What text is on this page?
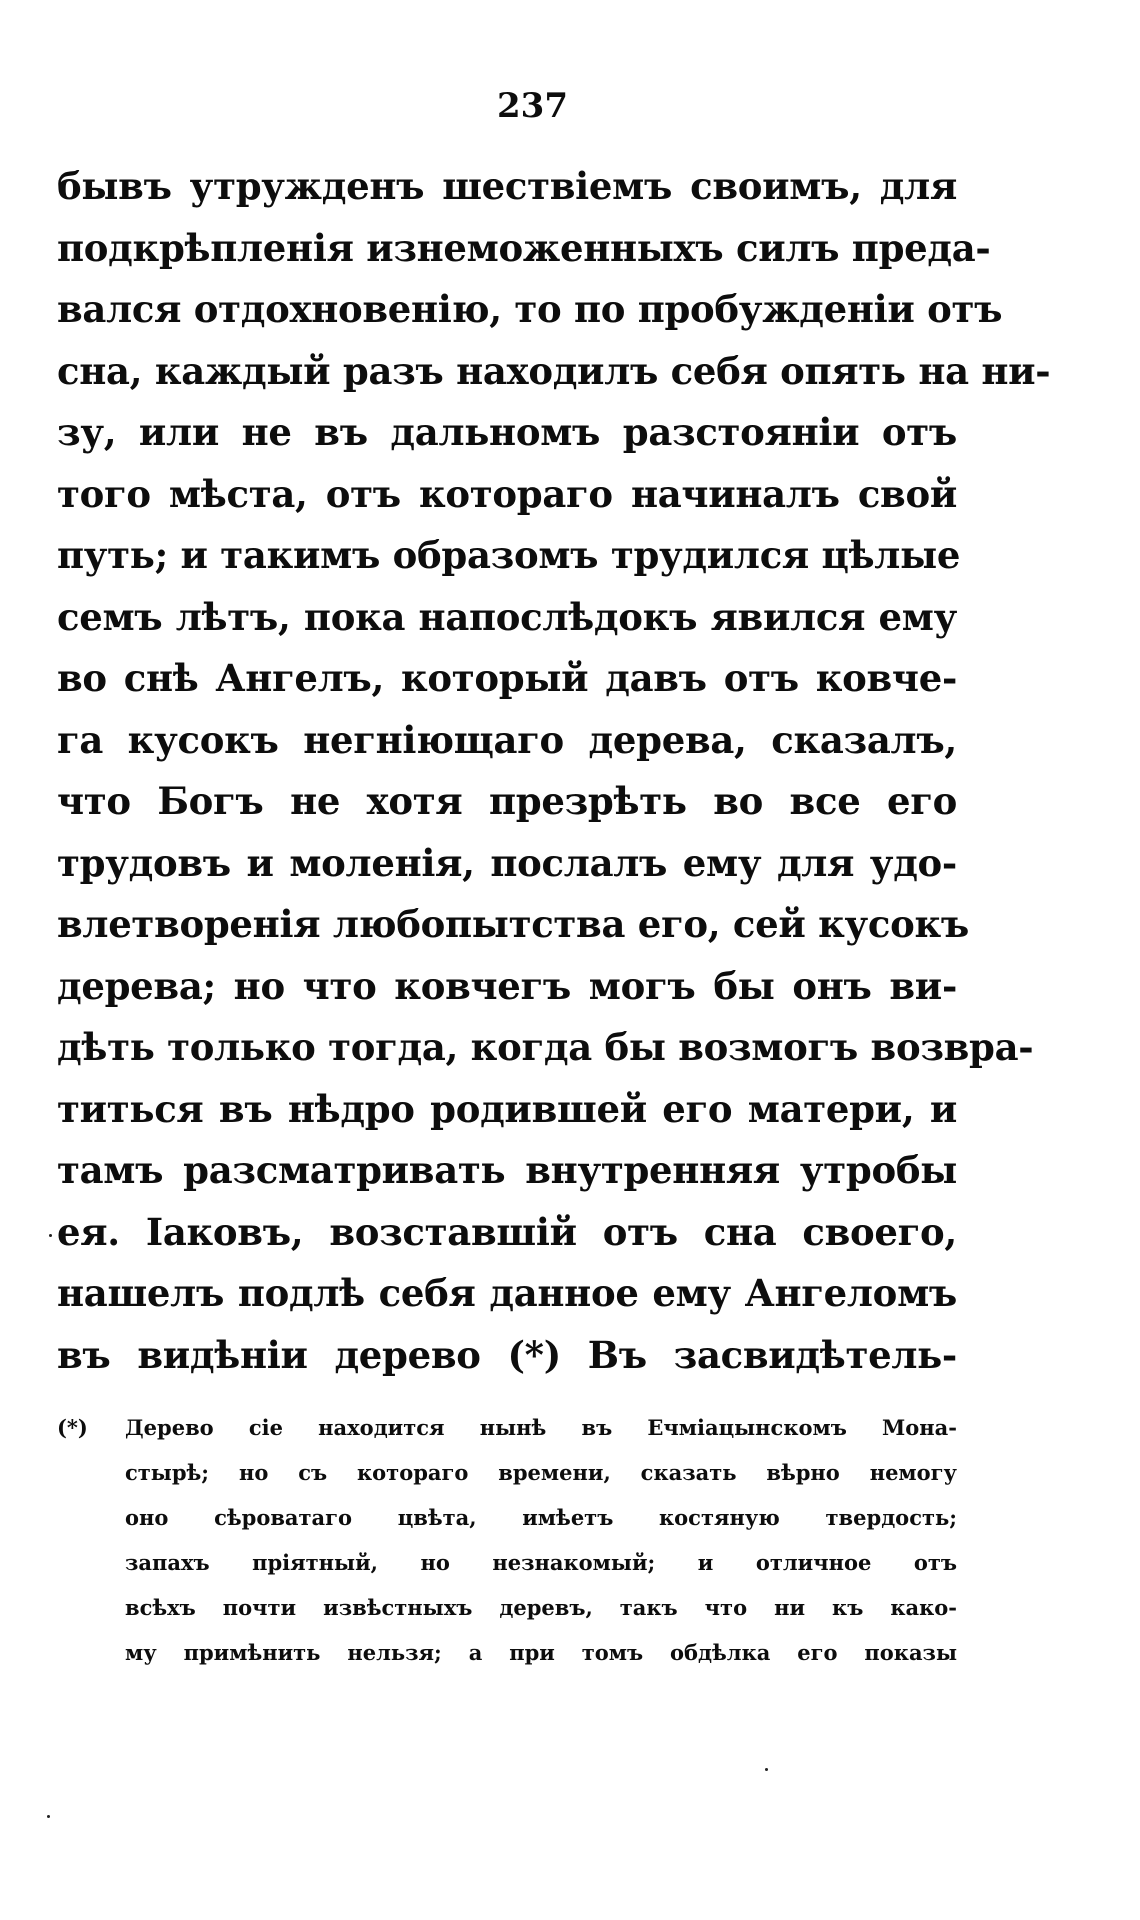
237
бывъ утружденъ шествіемъ своимъ, для
подкрѣпленія изнеможенныхъ силъ преда-
вался отдохновенію, то по пробужденіи отъ
сна, каждый разъ находилъ себя опять на ни-
зу, или не въ дальномъ разстояніи отъ
того мѣста, отъ котораго начиналъ свой
путь; и такимъ образомъ трудился цѣлые
семъ лѣтъ, пока напослѣдокъ явился ему
во снѣ Ангелъ, который давъ отъ ковче-
га кусокъ негніющаго дерева, сказалъ,
что Богъ не хотя презрѣть во все его
трудовъ и моленія, послалъ ему для удо-
влетворенія любопытства его, сей кусокъ
дерева; но что ковчегъ могъ бы онъ ви-
дѣть только тогда, когда бы возмогъ возвра-
титься въ нѣдро родившей его матери, и
тамъ разсматривать внутренняя утробы
ея. Іаковъ, возставшій отъ сна своего,
нашелъ подлѣ себя данное ему Ангеломъ
въ видѣніи дерево (*) Въ засвидѣтель-
(*)	Дерево сіе находится нынѣ въ Ечміацынскомъ Мона-
стырѣ; но съ котораго времени, сказать вѣрно немогу
оно сѣроватаго цвѣта, имѣетъ костяную твердость;
запахъ пріятный, но незнакомый; и отличное отъ
всѣхъ почти извѣстныхъ деревъ, такъ что ни къ како-
му примѣнить нельзя; а при томъ обдѣлка его показы
